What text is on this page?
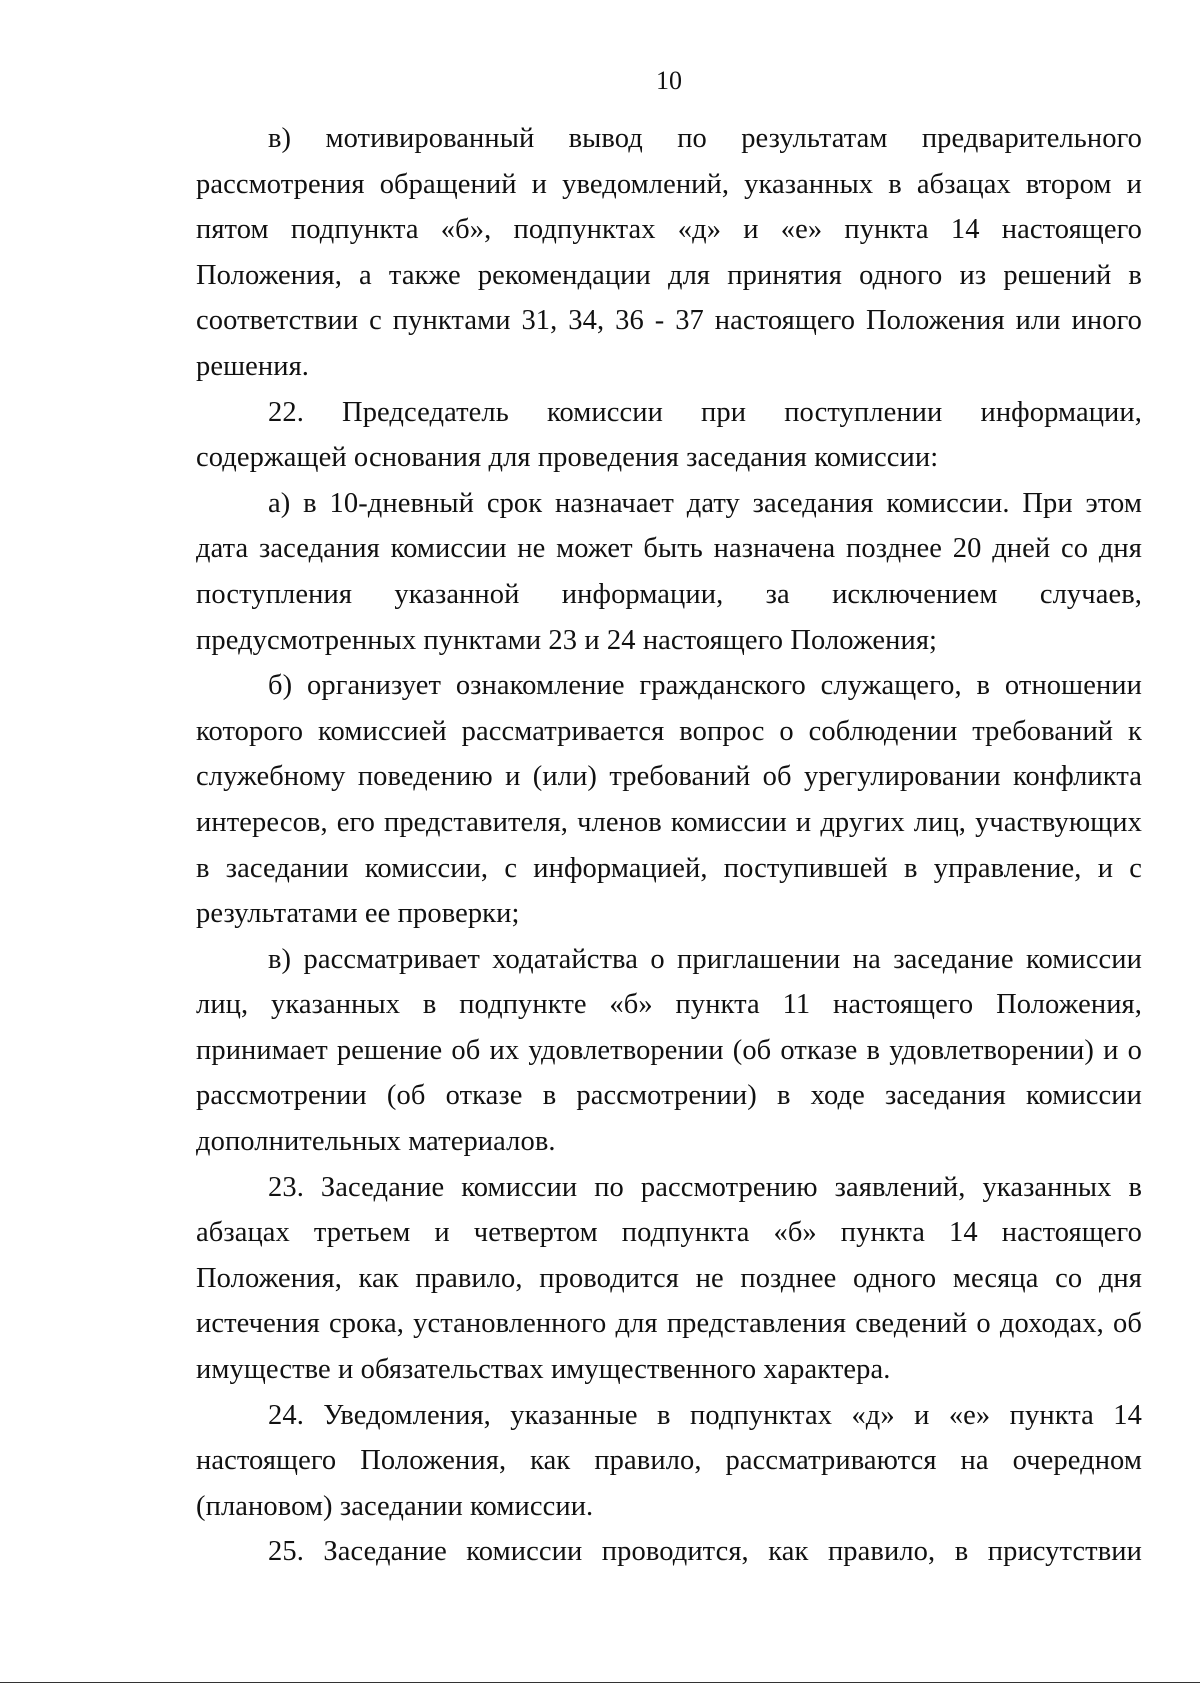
10

в) мотивированный вывод по результатам предварительного рассмотрения обращений и уведомлений, указанных в абзацах втором и пятом подпункта «б», подпунктах «д» и «е» пункта 14 настоящего Положения, а также рекомендации для принятия одного из решений в соответствии с пунктами 31, 34, 36 - 37 настоящего Положения или иного решения.

22. Председатель комиссии при поступлении информации, содержащей основания для проведения заседания комиссии:

а) в 10-дневный срок назначает дату заседания комиссии. При этом дата заседания комиссии не может быть назначена позднее 20 дней со дня поступления указанной информации, за исключением случаев, предусмотренных пунктами 23 и 24 настоящего Положения;

б) организует ознакомление гражданского служащего, в отношении которого комиссией рассматривается вопрос о соблюдении требований к служебному поведению и (или) требований об урегулировании конфликта интересов, его представителя, членов комиссии и других лиц, участвующих в заседании комиссии, с информацией, поступившей в управление, и с результатами ее проверки;

в) рассматривает ходатайства о приглашении на заседание комиссии лиц, указанных в подпункте «б» пункта 11 настоящего Положения, принимает решение об их удовлетворении (об отказе в удовлетворении) и о рассмотрении (об отказе в рассмотрении) в ходе заседания комиссии дополнительных материалов.

23. Заседание комиссии по рассмотрению заявлений, указанных в абзацах третьем и четвертом подпункта «б» пункта 14 настоящего Положения, как правило, проводится не позднее одного месяца со дня истечения срока, установленного для представления сведений о доходах, об имуществе и обязательствах имущественного характера.

24. Уведомления, указанные в подпунктах «д» и «е» пункта 14 настоящего Положения, как правило, рассматриваются на очередном (плановом) заседании комиссии.

25. Заседание комиссии проводится, как правило, в присутствии
